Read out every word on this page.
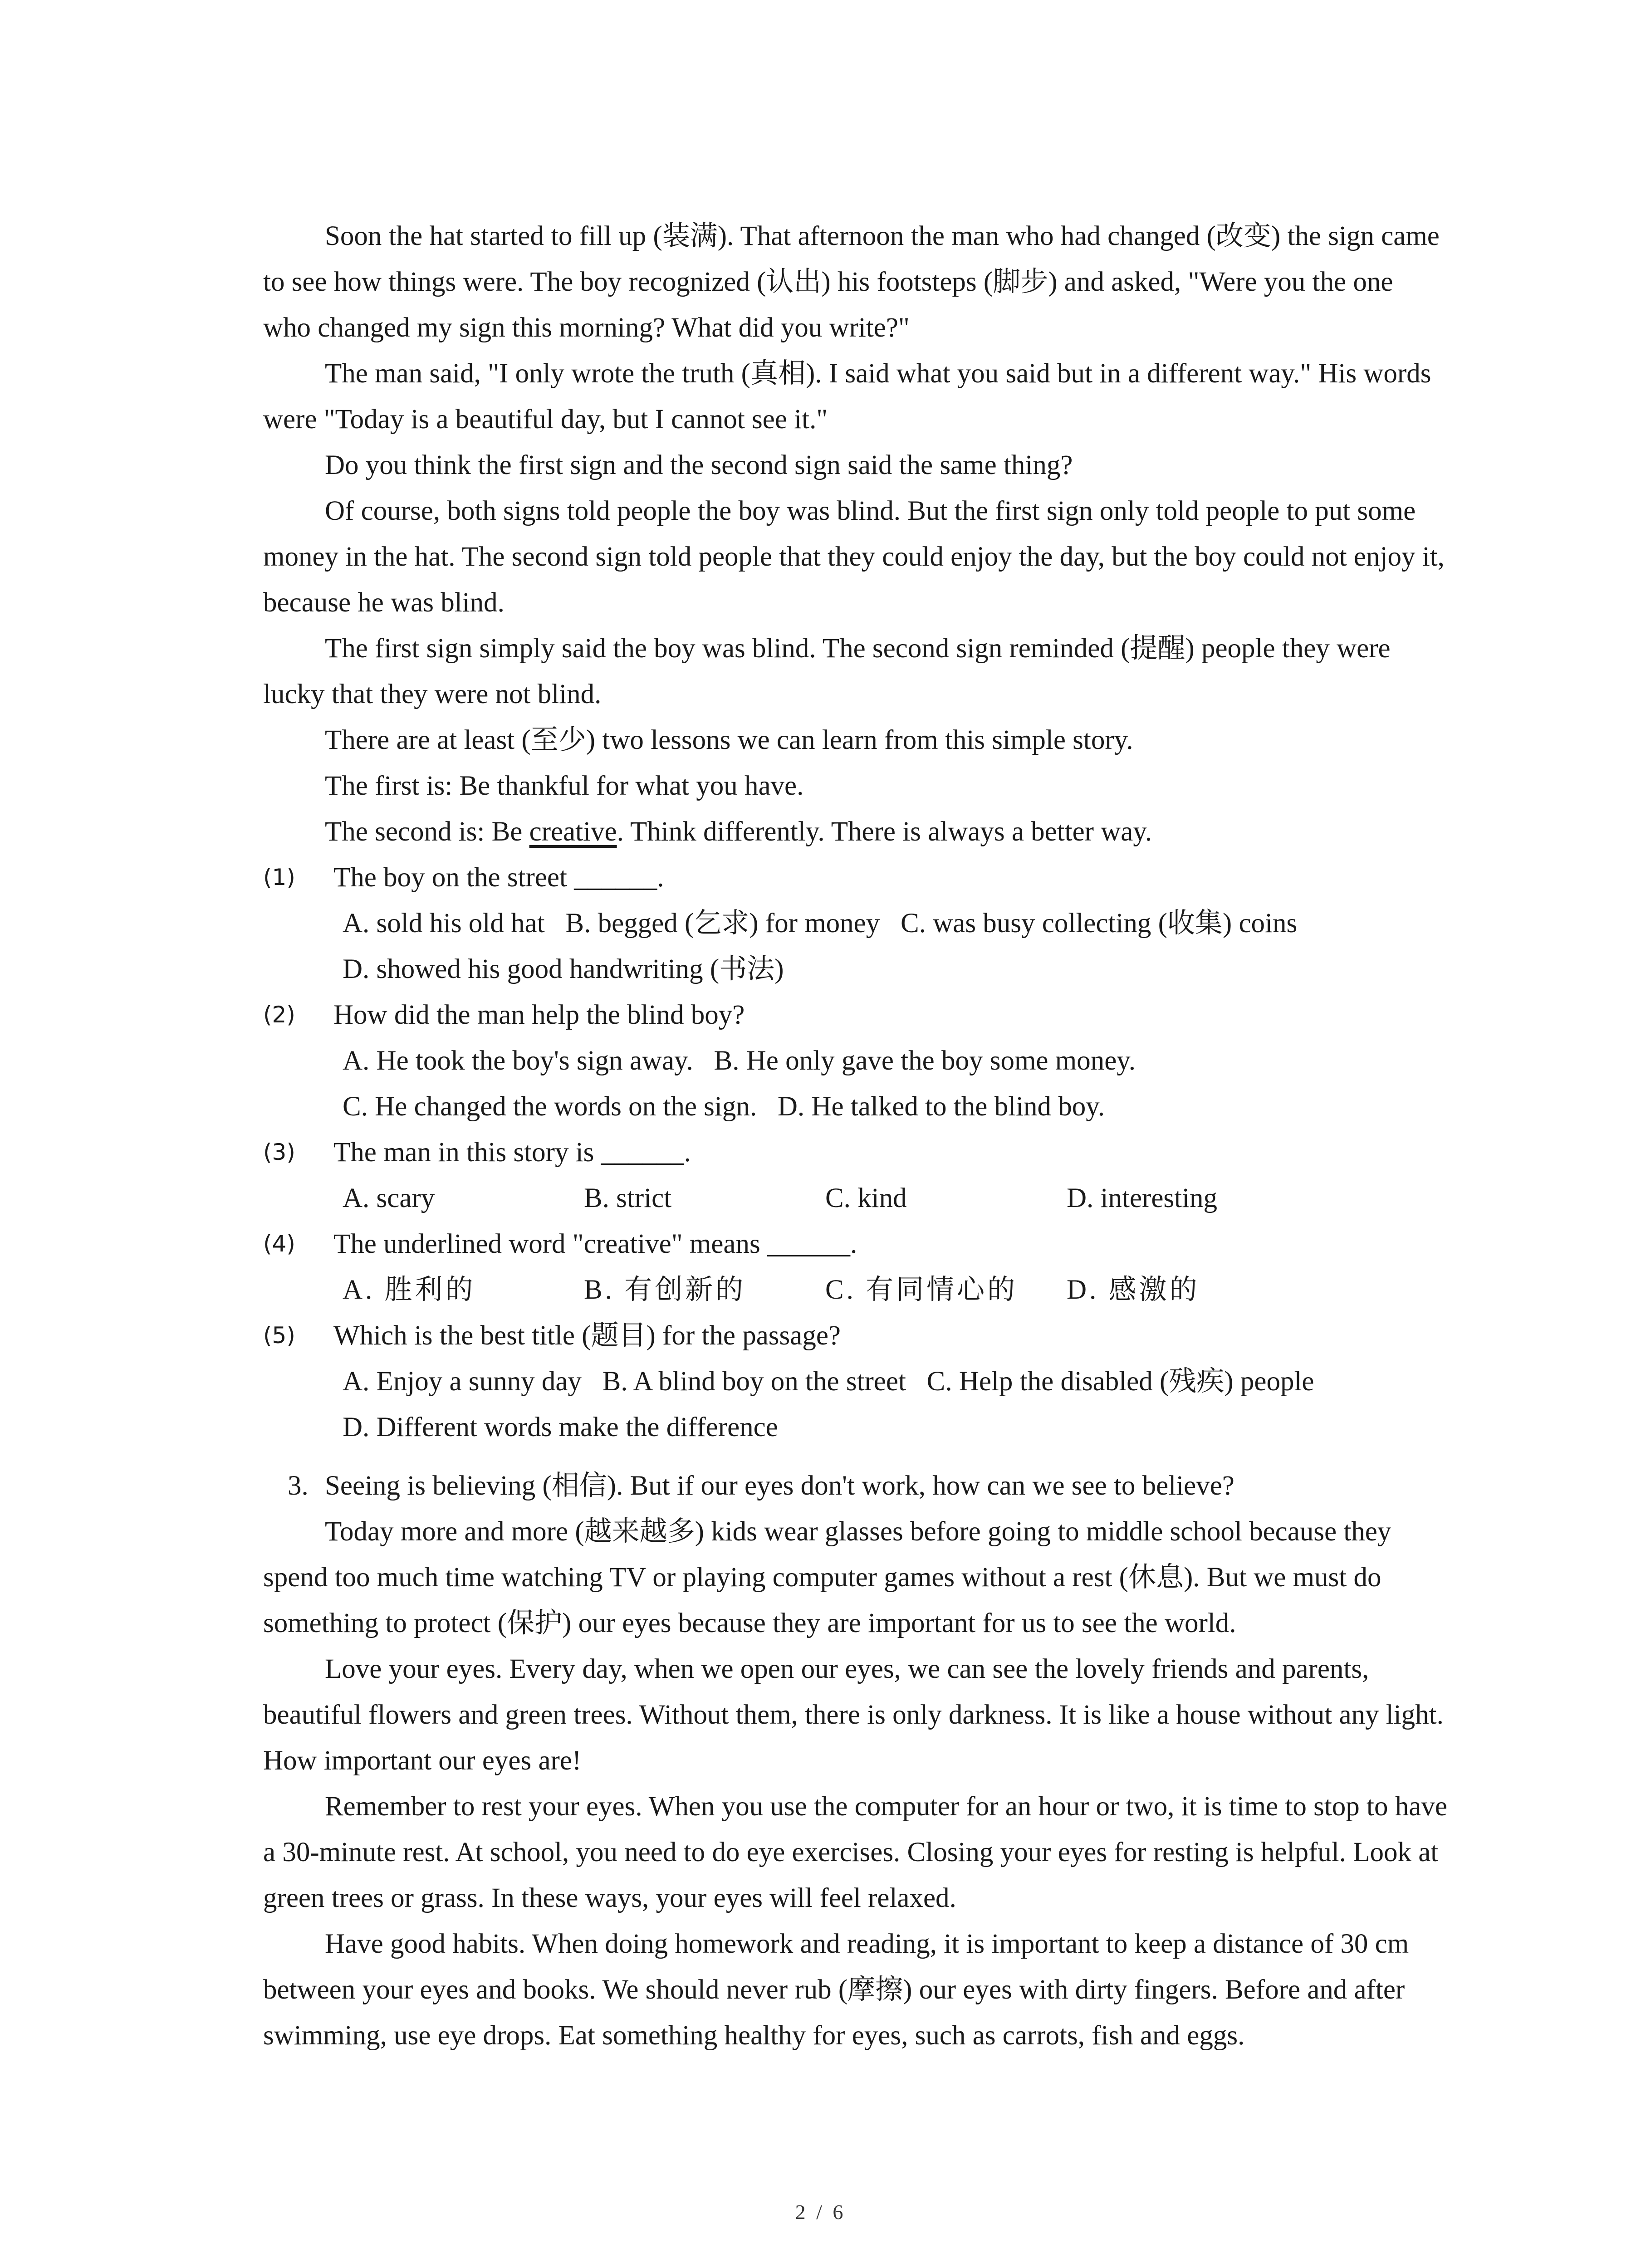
Soon the hat started to fill up (装满). That afternoon the man who had changed (改变) the sign came to see how things were. The boy recognized (认出) his footsteps (脚步) and asked, "Were you the one who changed my sign this morning? What did you write?"

The man said, "I only wrote the truth (真相). I said what you said but in a different way." His words were "Today is a beautiful day, but I cannot see it."

Do you think the first sign and the second sign said the same thing?

Of course, both signs told people the boy was blind. But the first sign only told people to put some money in the hat. The second sign told people that they could enjoy the day, but the boy could not enjoy it, because he was blind.

The first sign simply said the boy was blind. The second sign reminded (提醒) people they were lucky that they were not blind.

There are at least (至少) two lessons we can learn from this simple story.

The first is: Be thankful for what you have.

The second is: Be creative. Think differently. There is always a better way.

(1) The boy on the street ______.

A. sold his old hat   B. begged (乞求) for money   C. was busy collecting (收集) coins

D. showed his good handwriting (书法)

(2) How did the man help the blind boy?

A. He took the boy's sign away.   B. He only gave the boy some money.

C. He changed the words on the sign.   D. He talked to the blind boy.

(3) The man in this story is ______.

A. scary	B. strict	C. kind	D. interesting

(4) The underlined word "creative" means ______.

A. 胜利的	B. 有创新的	C. 有同情心的	D. 感激的

(5) Which is the best title (题目) for the passage?

A. Enjoy a sunny day   B. A blind boy on the street   C. Help the disabled (残疾) people

D. Different words make the difference

3. Seeing is believing (相信). But if our eyes don't work, how can we see to believe?

Today more and more (越来越多) kids wear glasses before going to middle school because they spend too much time watching TV or playing computer games without a rest (休息). But we must do something to protect (保护) our eyes because they are important for us to see the world.

Love your eyes. Every day, when we open our eyes, we can see the lovely friends and parents, beautiful flowers and green trees. Without them, there is only darkness. It is like a house without any light. How important our eyes are!

Remember to rest your eyes. When you use the computer for an hour or two, it is time to stop to have a 30-minute rest. At school, you need to do eye exercises. Closing your eyes for resting is helpful. Look at green trees or grass. In these ways, your eyes will feel relaxed.

Have good habits. When doing homework and reading, it is important to keep a distance of 30 cm between your eyes and books. We should never rub (摩擦) our eyes with dirty fingers. Before and after swimming, use eye drops. Eat something healthy for eyes, such as carrots, fish and eggs.

2 / 6
